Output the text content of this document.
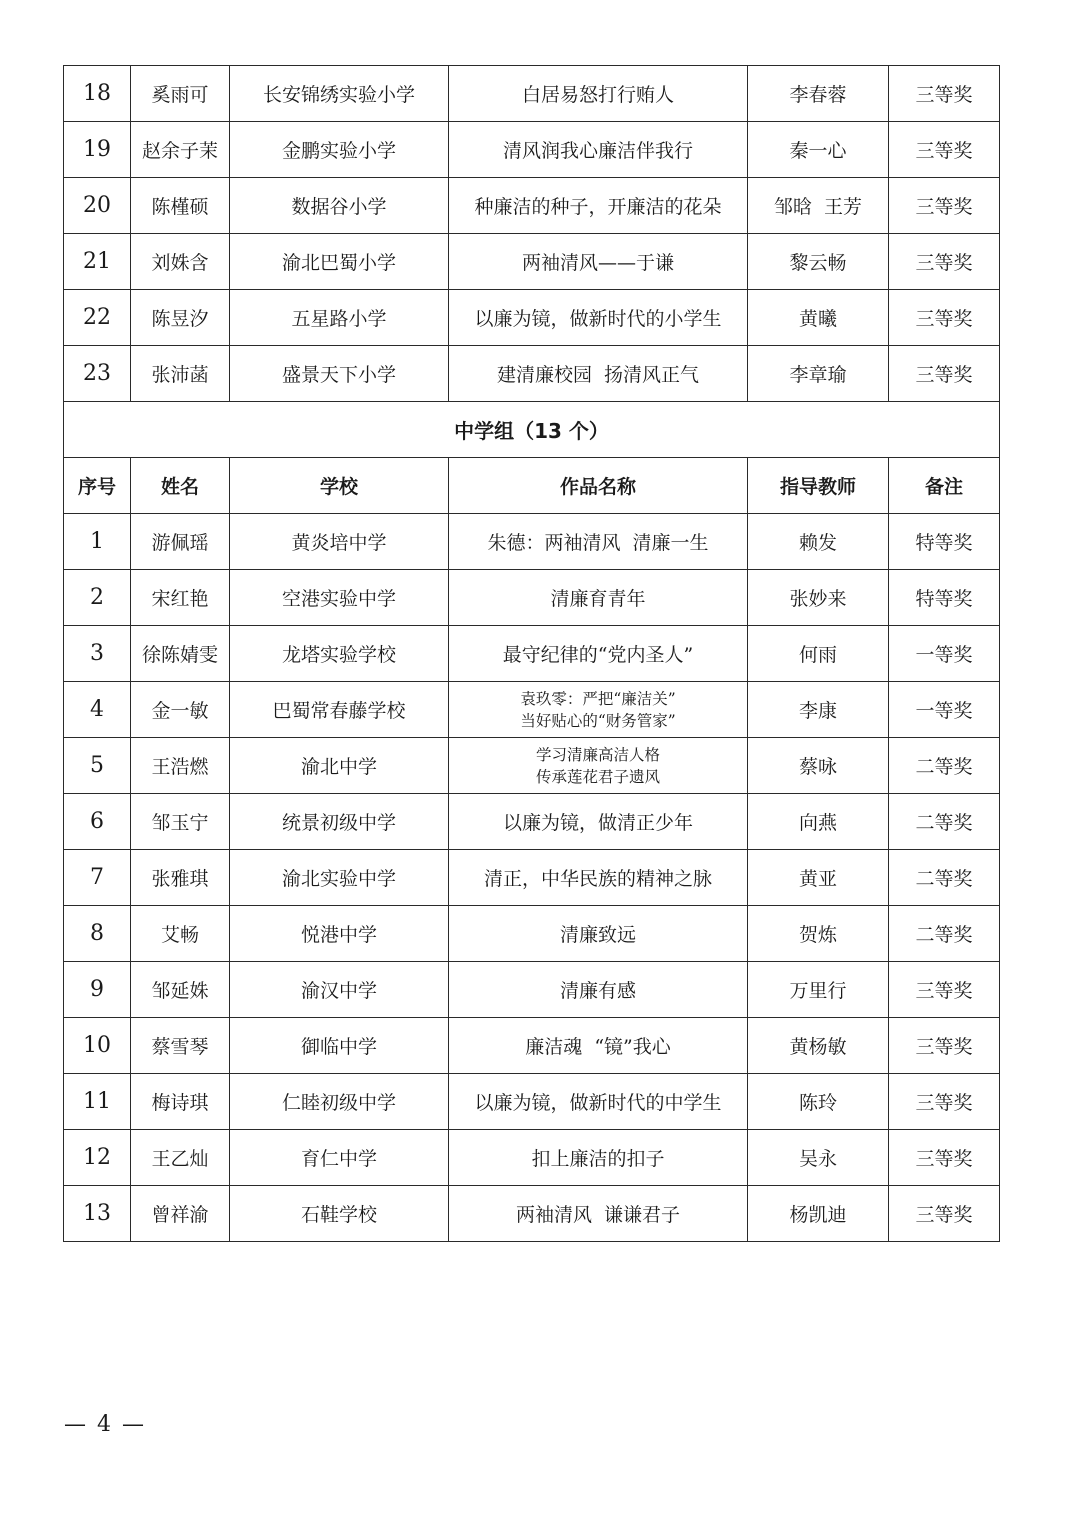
18	奚雨可	长安锦绣实验小学	白居易怒打行贿人	李春蓉	三等奖
19	赵余子茉	金鹏实验小学	清风润我心廉洁伴我行	秦一心	三等奖
20	陈槿硕	数据谷小学	种廉洁的种子，开廉洁的花朵	邹晗  王芳	三等奖
21	刘姝含	渝北巴蜀小学	两袖清风——于谦	黎云畅	三等奖
22	陈昱汐	五星路小学	以廉为镜，做新时代的小学生	黄曦	三等奖
23	张沛菡	盛景天下小学	建清廉校园  扬清风正气	李章瑜	三等奖
中学组（13 个）					
序号	姓名	学校	作品名称	指导教师	备注
1	游佩瑶	黄炎培中学	朱德：两袖清风  清廉一生	赖发	特等奖
2	宋红艳	空港实验中学	清廉育青年	张妙来	特等奖
3	徐陈婧雯	龙塔实验学校	最守纪律的“党内圣人”	何雨	一等奖
4	金一敏	巴蜀常春藤学校	袁玖零：严把“廉洁关”
当好贴心的“财务管家”	李康	一等奖
5	王浩燃	渝北中学	学习清廉高洁人格
传承莲花君子遗风	蔡咏	二等奖
6	邹玉宁	统景初级中学	以廉为镜，做清正少年	向燕	二等奖
7	张雅琪	渝北实验中学	清正，中华民族的精神之脉	黄亚	二等奖
8	艾畅	悦港中学	清廉致远	贺炼	二等奖
9	邹延姝	渝汉中学	清廉有感	万里行	三等奖
10	蔡雪琴	御临中学	廉洁魂  “镜”我心	黄杨敏	三等奖
11	梅诗琪	仁睦初级中学	以廉为镜，做新时代的中学生	陈玲	三等奖
12	王乙灿	育仁中学	扣上廉洁的扣子	吴永	三等奖
13	曾祥渝	石鞋学校	两袖清风  谦谦君子	杨凯迪	三等奖
— 4 —
